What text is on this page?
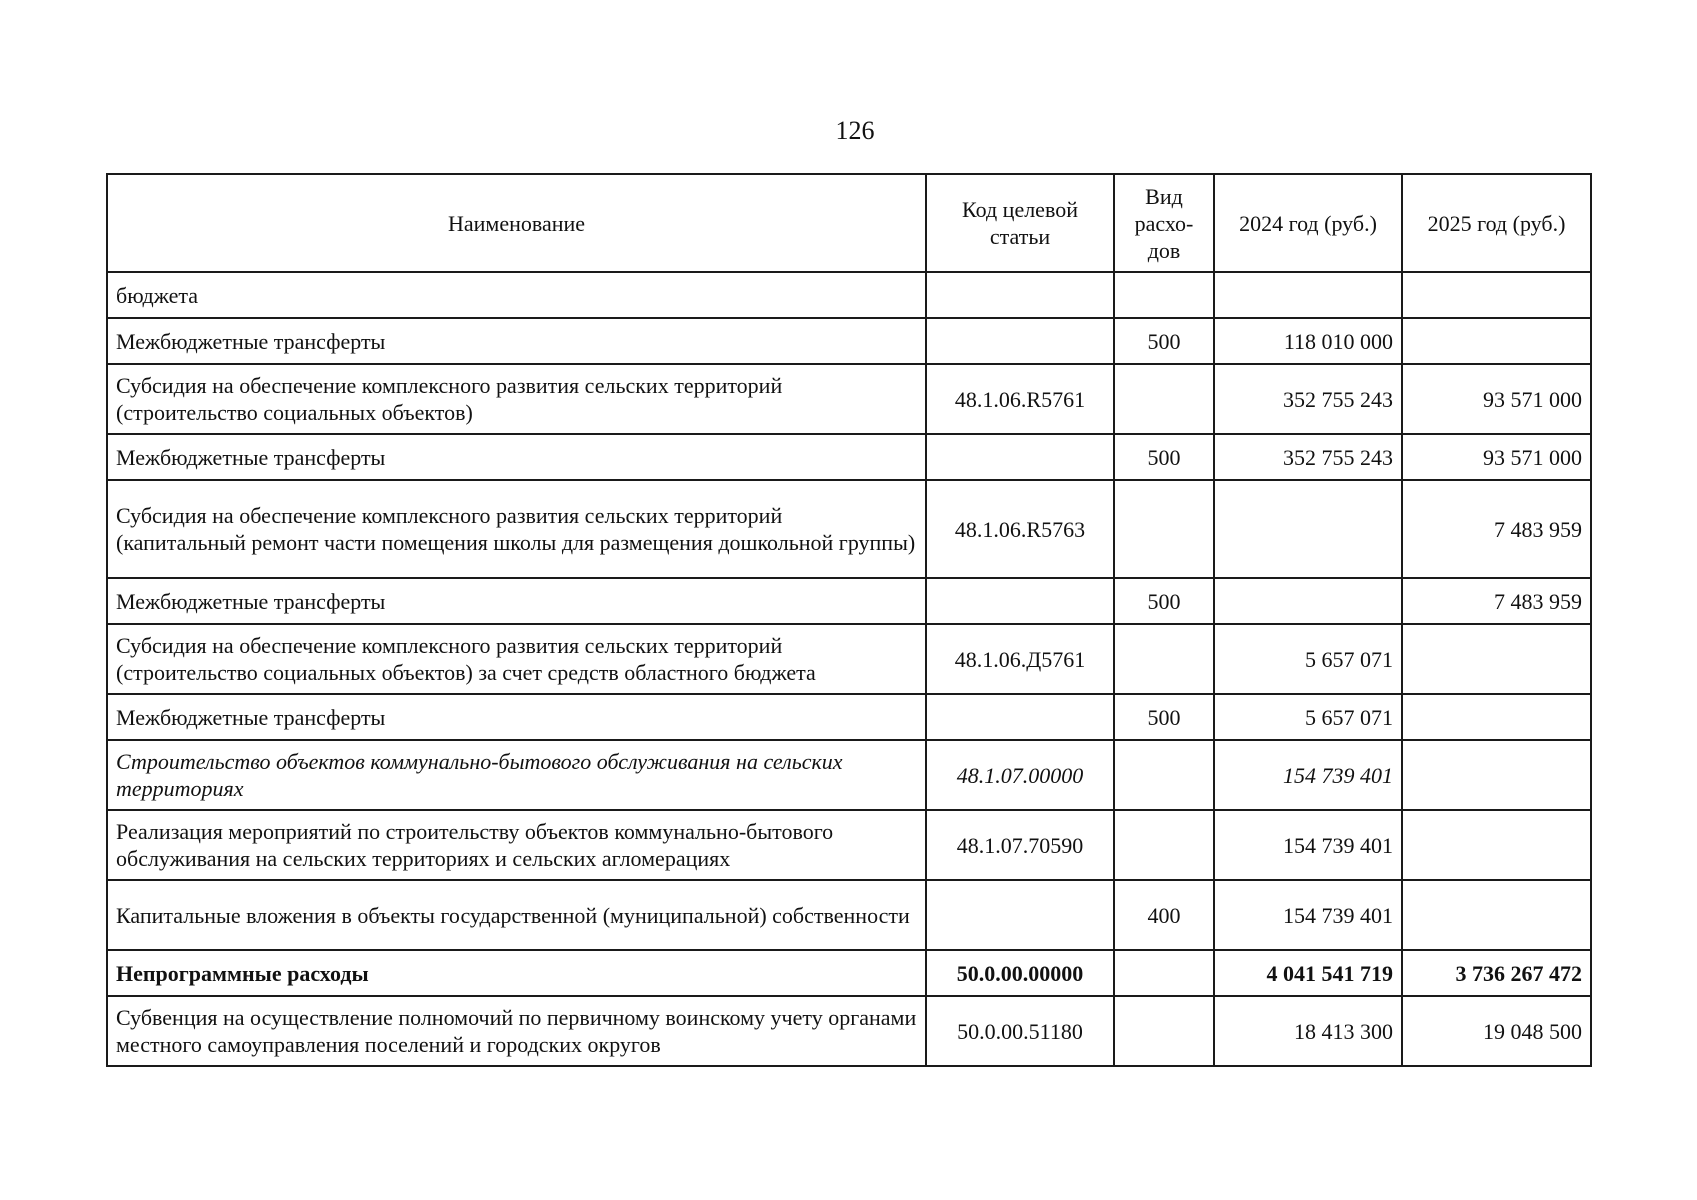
126
Наименование	Код целевой статьи	Вид расхо-дов	2024 год (руб.)	2025 год (руб.)
бюджета				
Межбюджетные трансферты		500	118 010 000	
Субсидия на обеспечение комплексного развития сельских территорий (строительство социальных объектов)	48.1.06.R5761		352 755 243	93 571 000
Межбюджетные трансферты		500	352 755 243	93 571 000
Субсидия на обеспечение комплексного развития сельских территорий (капитальный ремонт части помещения школы для размещения дошкольной группы)	48.1.06.R5763			7 483 959
Межбюджетные трансферты		500		7 483 959
Субсидия на обеспечение комплексного развития сельских территорий (строительство социальных объектов) за счет средств областного бюджета	48.1.06.Д5761		5 657 071	
Межбюджетные трансферты		500	5 657 071	
Строительство объектов коммунально-бытового обслуживания на сельских территориях	48.1.07.00000		154 739 401	
Реализация мероприятий по строительству объектов коммунально-бытового обслуживания на сельских территориях и сельских агломерациях	48.1.07.70590		154 739 401	
Капитальные вложения в объекты государственной (муниципальной) собственности		400	154 739 401	
Непрограммные расходы	50.0.00.00000		4 041 541 719	3 736 267 472
Субвенция на осуществление полномочий по первичному воинскому учету органами местного самоуправления поселений и городских округов	50.0.00.51180		18 413 300	19 048 500
